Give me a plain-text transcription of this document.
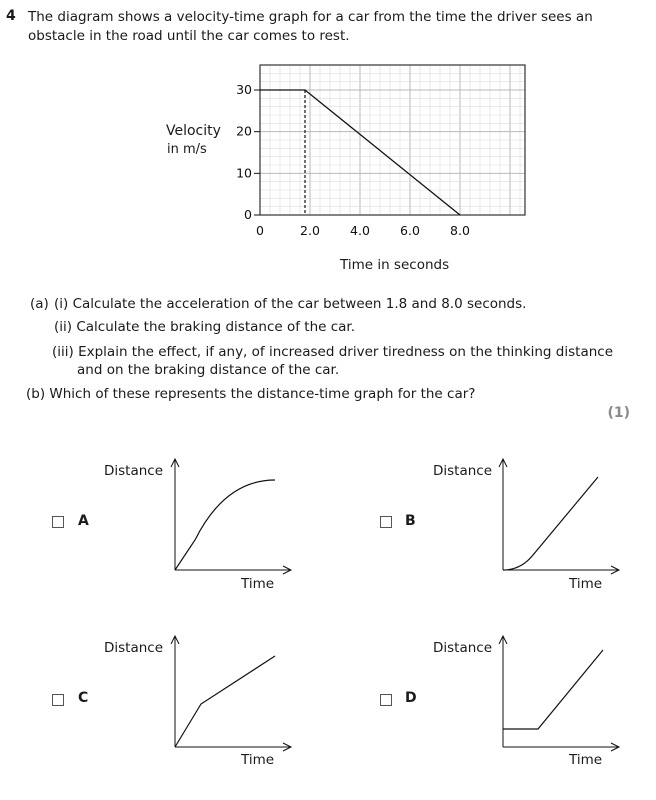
4 The diagram shows a velocity-time graph for a car from the time the driver sees an
obstacle in the road until the car comes to rest.
Velocity
in m/s
0
10
20
30
0	2.0 4.0 6.0 8.0
Time in seconds
(a) (i) Calculate the acceleration of the car between 1.8 and 8.0 seconds.
(ii) Calculate the braking distance of the car.
(iii) Explain the effect, if any, of increased driver tiredness on the thinking distance
and on the braking distance of the car.
(b) Which of these represents the distance-time graph for the car?
(1)
A
Distance
Time
B
Distance
Time
C
Distance
Time
D
Distance
Time
